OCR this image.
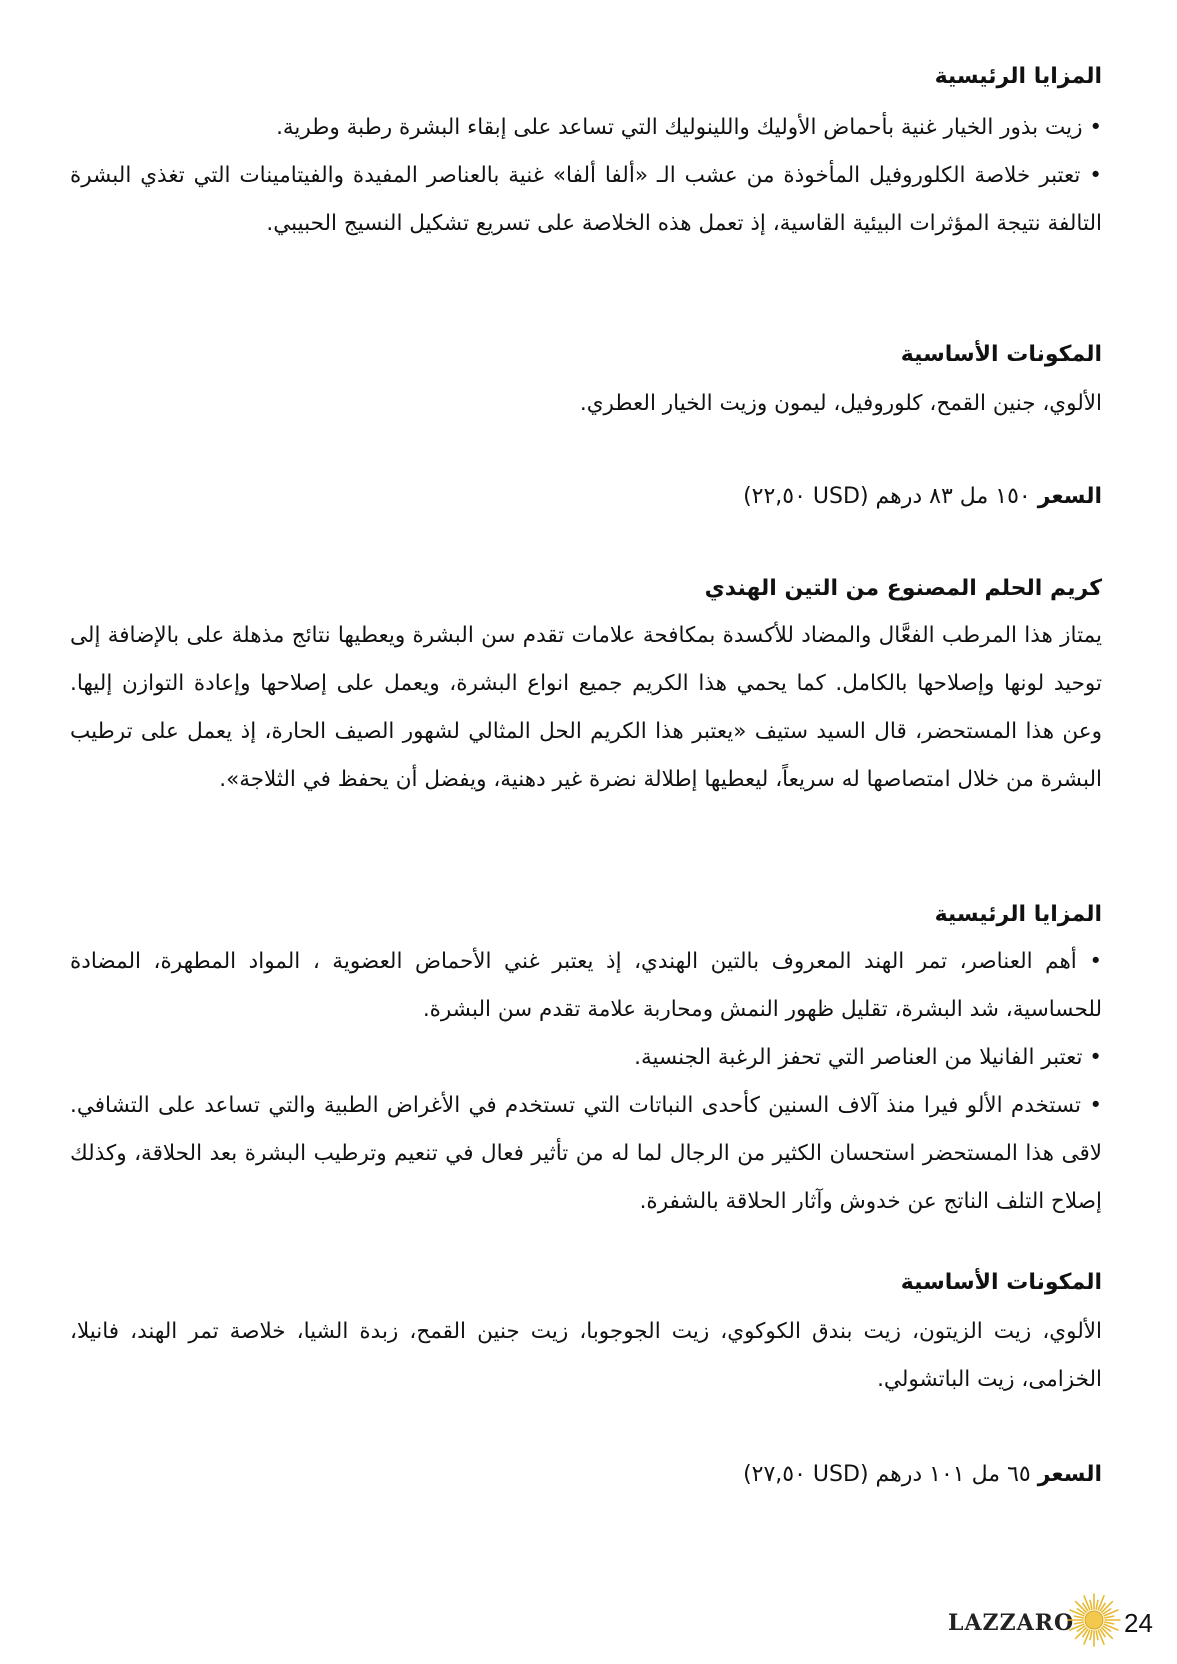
المزايا الرئيسية

• زيت بذور الخيار غنية بأحماض الأوليك واللينوليك التي تساعد على إبقاء البشرة رطبة وطرية.

• تعتبر خلاصة الكلوروفيل المأخوذة من عشب الـ «ألفا ألفا» غنية بالعناصر المفيدة والفيتامينات التي تغذي البشرة التالفة نتيجة المؤثرات البيئية القاسية، إذ تعمل هذه الخلاصة على تسريع تشكيل النسيج الحبيبي.

المكونات الأساسية

الألوي، جنين القمح، كلوروفيل، ليمون وزيت الخيار العطري.

السعر ١٥٠ مل ٨٣ درهم (USD ٢٢,٥٠)

كريم الحلم المصنوع من التين الهندي

يمتاز هذا المرطب الفعَّال والمضاد للأكسدة بمكافحة علامات تقدم سن البشرة ويعطيها نتائج مذهلة على بالإضافة إلى توحيد لونها وإصلاحها بالكامل. كما يحمي هذا الكريم جميع انواع البشرة، ويعمل على إصلاحها وإعادة التوازن إليها. وعن هذا المستحضر، قال السيد ستيف «يعتبر هذا الكريم الحل المثالي لشهور الصيف الحارة، إذ يعمل على ترطيب البشرة من خلال امتصاصها له سريعاً، ليعطيها إطلالة نضرة غير دهنية، ويفضل أن يحفظ في الثلاجة».

المزايا الرئيسية

• أهم العناصر، تمر الهند المعروف بالتين الهندي، إذ يعتبر غني الأحماض العضوية ، المواد المطهرة، المضادة للحساسية، شد البشرة، تقليل ظهور النمش ومحاربة علامة تقدم سن البشرة.

• تعتبر الفانيلا من العناصر التي تحفز الرغبة الجنسية.

• تستخدم الألو فيرا منذ آلاف السنين كأحدى النباتات التي تستخدم في الأغراض الطبية والتي تساعد على التشافي. لاقى هذا المستحضر استحسان الكثير من الرجال لما له من تأثير فعال في تنعيم وترطيب البشرة بعد الحلاقة، وكذلك إصلاح التلف الناتج عن خدوش وآثار الحلاقة بالشفرة.

المكونات الأساسية

الألوي، زيت الزيتون، زيت بندق الكوكوي، زيت الجوجوبا، زيت جنين القمح، زبدة الشيا، خلاصة تمر الهند، فانيلا، الخزامى، زيت الباتشولي.

السعر ٦٥ مل ١٠١ درهم (USD ٢٧,٥٠)

LAZZARO 24
